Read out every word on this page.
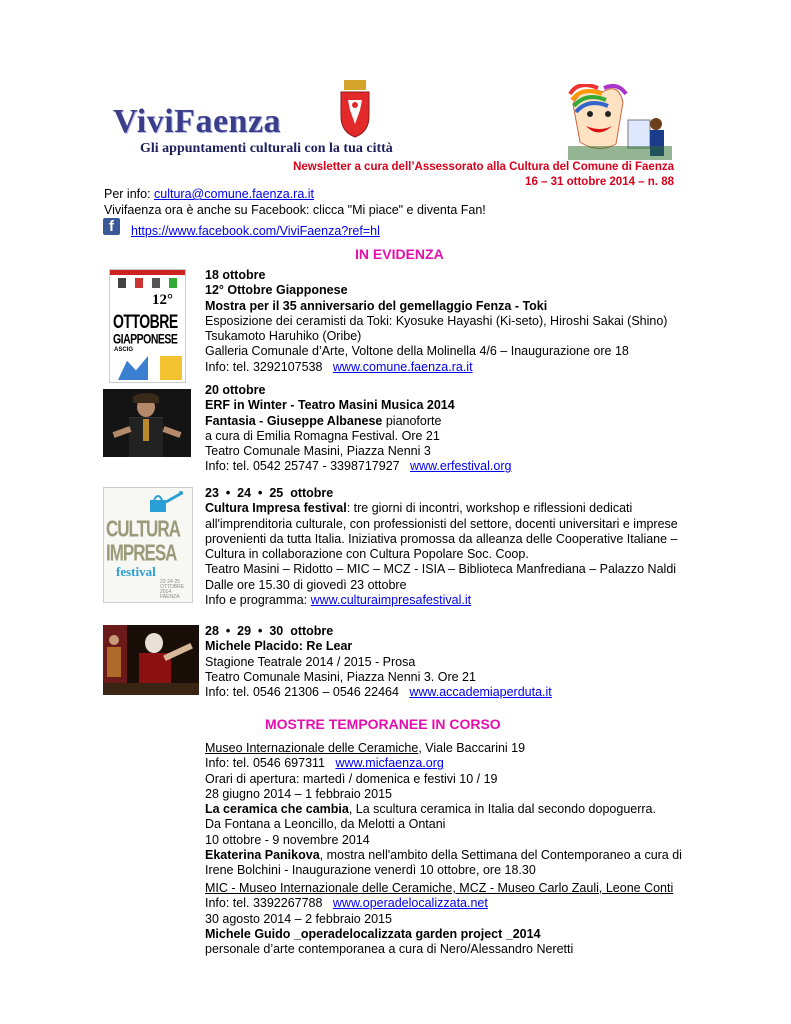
ViviFaenza
Gli appuntamenti culturali con la tua città
Newsletter a cura dell’Assessorato alla Cultura del Comune di Faenza
16 – 31 ottobre 2014 – n. 88
Per info: cultura@comune.faenza.ra.it
Vivifaenza ora è anche su Facebook: clicca "Mi piace" e diventa Fan!
f https://www.facebook.com/ViviFaenza?ref=hl
IN EVIDENZA
12°
OTTOBRE
GIAPPONESE
ASCIG
18 ottobre
12° Ottobre Giapponese
Mostra per il 35 anniversario del gemellaggio Fenza - Toki
Esposizione dei ceramisti da Toki: Kyosuke Hayashi (Ki-seto), Hiroshi Sakai (Shino)
Tsukamoto Haruhiko (Oribe)
Galleria Comunale d’Arte, Voltone della Molinella 4/6 – Inaugurazione ore 18
Info: tel. 3292107538   www.comune.faenza.ra.it
20 ottobre
ERF in Winter - Teatro Masini Musica 2014
Fantasia - Giuseppe Albanese pianoforte
a cura di Emilia Romagna Festival. Ore 21
Teatro Comunale Masini, Piazza Nenni 3
Info: tel. 0542 25747 - 3398717927   www.erfestival.org
CULTURA
IMPRESA
festival
23·24·25
OTTOBRE
2014
FAENZA
23  •  24  •  25  ottobre
Cultura Impresa festival: tre giorni di incontri, workshop e riflessioni dedicati
all'imprenditoria culturale, con professionisti del settore, docenti universitari e imprese
provenienti da tutta Italia. Iniziativa promossa da alleanza delle Cooperative Italiane –
Cultura in collaborazione con Cultura Popolare Soc. Coop.
Teatro Masini – Ridotto – MIC – MCZ - ISIA – Biblioteca Manfrediana – Palazzo Naldi
Dalle ore 15.30 di giovedì 23 ottobre
Info e programma: www.culturaimpresafestival.it
28  •  29  •  30  ottobre
Michele Placido: Re Lear
Stagione Teatrale 2014 / 2015 - Prosa
Teatro Comunale Masini, Piazza Nenni 3. Ore 21
Info: tel. 0546 21306 – 0546 22464   www.accademiaperduta.it
MOSTRE TEMPORANEE IN CORSO
Museo Internazionale delle Ceramiche, Viale Baccarini 19
Info: tel. 0546 697311   www.micfaenza.org
Orari di apertura: martedì / domenica e festivi 10 / 19
28 giugno 2014 – 1 febbraio 2015
La ceramica che cambia, La scultura ceramica in Italia dal secondo dopoguerra.
Da Fontana a Leoncillo, da Melotti a Ontani
10 ottobre - 9 novembre 2014
Ekaterina Panikova, mostra nell'ambito della Settimana del Contemporaneo a cura di
Irene Bolchini - Inaugurazione venerdì 10 ottobre, ore 18.30
MIC - Museo Internazionale delle Ceramiche, MCZ - Museo Carlo Zauli, Leone Conti
Info: tel. 3392267788   www.operadelocalizzata.net
30 agosto 2014 – 2 febbraio 2015
Michele Guido _operadelocalizzata garden project _2014
personale d’arte contemporanea a cura di Nero/Alessandro Neretti
